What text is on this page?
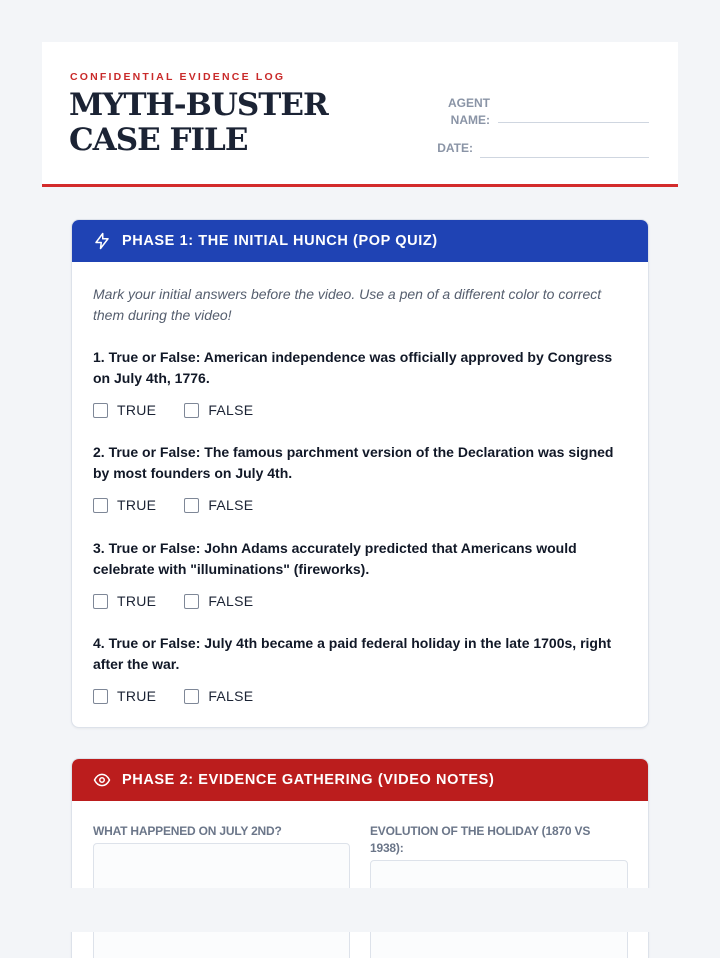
CONFIDENTIAL EVIDENCE LOG
MYTH-BUSTER CASE FILE
AGENT NAME:
DATE:
PHASE 1: THE INITIAL HUNCH (POP QUIZ)
Mark your initial answers before the video. Use a pen of a different color to correct them during the video!

1. True or False: American independence was officially approved by Congress on July 4th, 1776.

TRUE	FALSE

2. True or False: The famous parchment version of the Declaration was signed by most founders on July 4th.

TRUE	FALSE

3. True or False: John Adams accurately predicted that Americans would celebrate with "illuminations" (fireworks).

TRUE	FALSE

4. True or False: July 4th became a paid federal holiday in the late 1700s, right after the war.

TRUE	FALSE
PHASE 2: EVIDENCE GATHERING (VIDEO NOTES)
WHAT HAPPENED ON JULY 2ND?	EVOLUTION OF THE HOLIDAY (1870 VS 1938):
